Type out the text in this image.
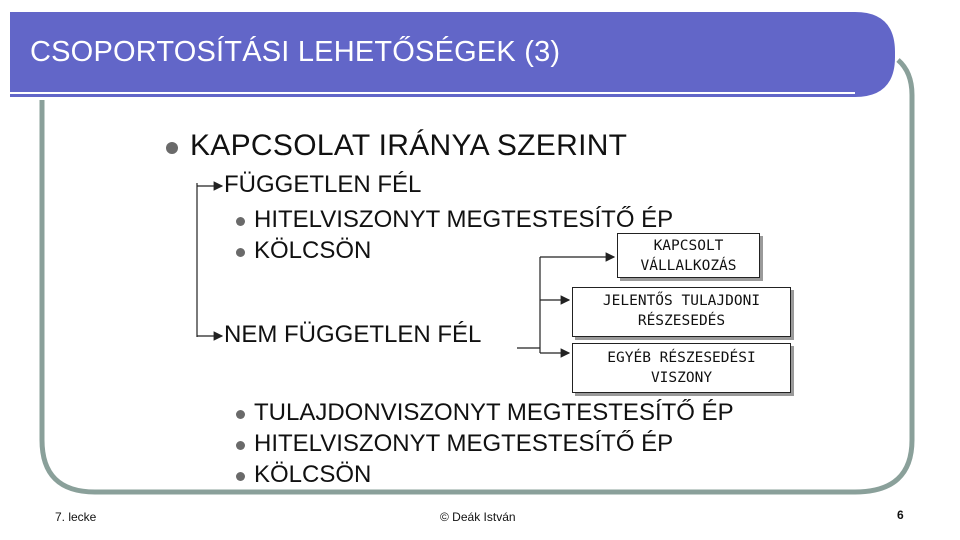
CSOPORTOSÍTÁSI LEHETŐSÉGEK (3)
KAPCSOLAT IRÁNYA SZERINT
FÜGGETLEN FÉL
HITELVISZONYT MEGTESTESÍTŐ ÉP
KÖLCSÖN
NEM FÜGGETLEN FÉL
KAPCSOLT
VÁLLALKOZÁS
JELENTŐS TULAJDONI
RÉSZESEDÉS
EGYÉB RÉSZESEDÉSI
VISZONY
TULAJDONVISZONYT MEGTESTESÍTŐ ÉP
HITELVISZONYT MEGTESTESÍTŐ ÉP
KÖLCSÖN
7. lecke	© Deák István	6
